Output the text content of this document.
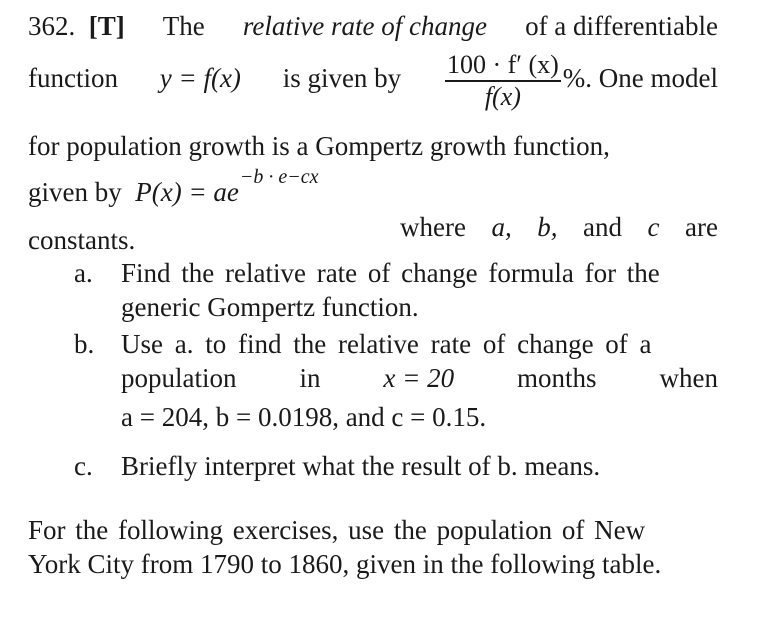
362. [T] The relative rate of change of a differentiable
function y = f(x) is given by $\frac{100 \cdot f' (x)}{f(x)}$ %. One model
for population growth is a Gompertz growth function,
given by $P(x) = ae^{-b \cdot e-cx}$
where a, b, and c are
constants.
a.	Find the relative rate of change formula for the
generic Gompertz function.
b. Use a. to find the relative rate of change of a
population in x = 20 months when
a = 204, b = 0.0198, and c = 0.15.
c.	Briefly interpret what the result of b. means.
For the following exercises, use the population of New
York City from 1790 to 1860, given in the following table.
